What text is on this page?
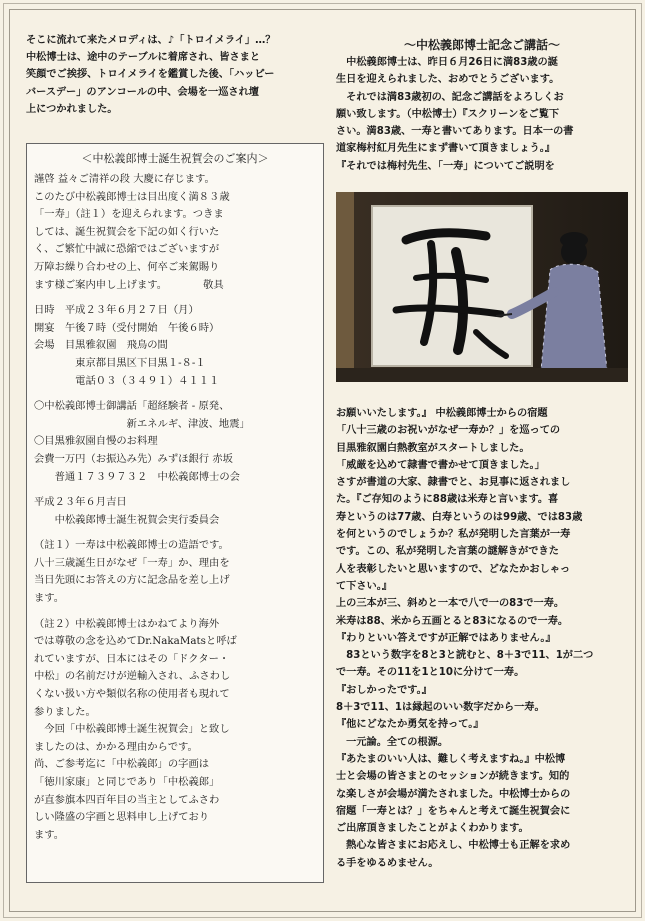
そこに流れて来たメロディは、♪「トロイメライ」…？
中松博士は、途中のテーブルに着席され、皆さまと
笑顔でご挨拶、トロイメライを鑑賞した後、「ハッピー
バースデー」のアンコールの中、会場を一巡され壇
上につかれました。

＜中松義郎博士誕生祝賀会のご案内＞

謹啓 益々ご清祥の段 大慶に存じます。
このたび中松義郎博士は目出度く満８３歳
「一寿」（註１）を迎えられます。つきま
しては、誕生祝賀会を下記の如く行いた
く、ご繁忙中誠に恐縮ではございますが
万障お繰り合わせの上、何卒ご来駕賜り
ます様ご案内申し上げます。　　　　敬具

日時　平成２３年６月２７日（月）
開宴　午後７時（受付開始　午後６時）
会場　目黒雅叙園　飛鳥の間
　　　　東京都目黒区下目黒１-８-１
　　　　電話０３（３４９１）４１１１

〇中松義郎博士御講話「超経験者 - 原発、
　　　　　　　　　新エネルギ、津波、地震」
〇目黒雅叙園自慢のお料理

会費一万円（お振込み先）みずほ銀行 赤坂
　　普通１７３９７３２　中松義郎博士の会

平成２３年６月吉日

　　中松義郎博士誕生祝賀会実行委員会

（註１）一寿は中松義郎博士の造語です。
八十三歳誕生日がなぜ「一寿」か、理由を
当日先頭にお答えの方に記念品を差し上げ
ます。

（註２）中松義郎博士はかねてより海外
では尊敬の念を込めてDr.NakaMatsと呼ば
れていますが、日本にはその「ドクター・
中松」の名前だけが逆輸入され、ふさわし
くない扱い方や類似名称の使用者も現れて
参りました。
　今回「中松義郎博士誕生祝賀会」と致し
ましたのは、かかる理由からです。
尚、ご参考迄に「中松義郎」の字画は
「徳川家康」と同じであり「中松義郎」
が直参旗本四百年目の当主としてふさわ
しい隆盛の字画と思料申し上げており
ます。

～中松義郎博士記念ご講話～

　中松義郎博士は、昨日６月26日に満83歳の誕
生日を迎えられました、おめでとうございます。
　それでは満83歳初の、記念ご講話をよろしくお
願い致します。（中松博士）『スクリーンをご覧下
さい。満83歳、一寿と書いてあります。日本一の書
道家梅村紅月先生にまず書いて頂きましょう。』
『それでは梅村先生、「一寿」についてご説明を

お願いいたします。』 中松義郎博士からの宿題
「八十三歳のお祝いがなぜ一寿か？」を巡っての
目黒雅叙園白熱教室がスタートしました。
「威厳を込めて隷書で書かせて頂きました。」
さすが書道の大家、隷書でと、お見事に返されまし
た。『ご存知のように88歳は米寿と言います。喜
寿というのは77歳、白寿というのは99歳、では83歳
を何というのでしょうか？私が発明した言葉が一寿
です。この、私が発明した言葉の謎解きができた
人を表彰したいと思いますので、どなたかおしゃっ
て下さい。』
上の三本が三、斜めと一本で八で一の83で一寿。
米寿は88、米から五画とると83になるので一寿。
『わりといい答えですが正解ではありません。』
　83という数字を8と3と読むと、8＋3で11、1が二つ
で一寿。その11を1と10に分けて一寿。
『おしかったです。』
8＋3で11、1は縁起のいい数字だから一寿。
『他にどなたか勇気を持って。』
　一元論。全ての根源。
『あたまのいい人は、難しく考えますね。』中松博
士と会場の皆さまとのセッションが続きます。知的
な楽しさが会場が満たされました。中松博士からの
宿題「一寿とは？」をちゃんと考えて誕生祝賀会に
ご出席頂きましたことがよくわかります。
　熱心な皆さまにお応えし、中松博士も正解を求め
る手をゆるめません。
